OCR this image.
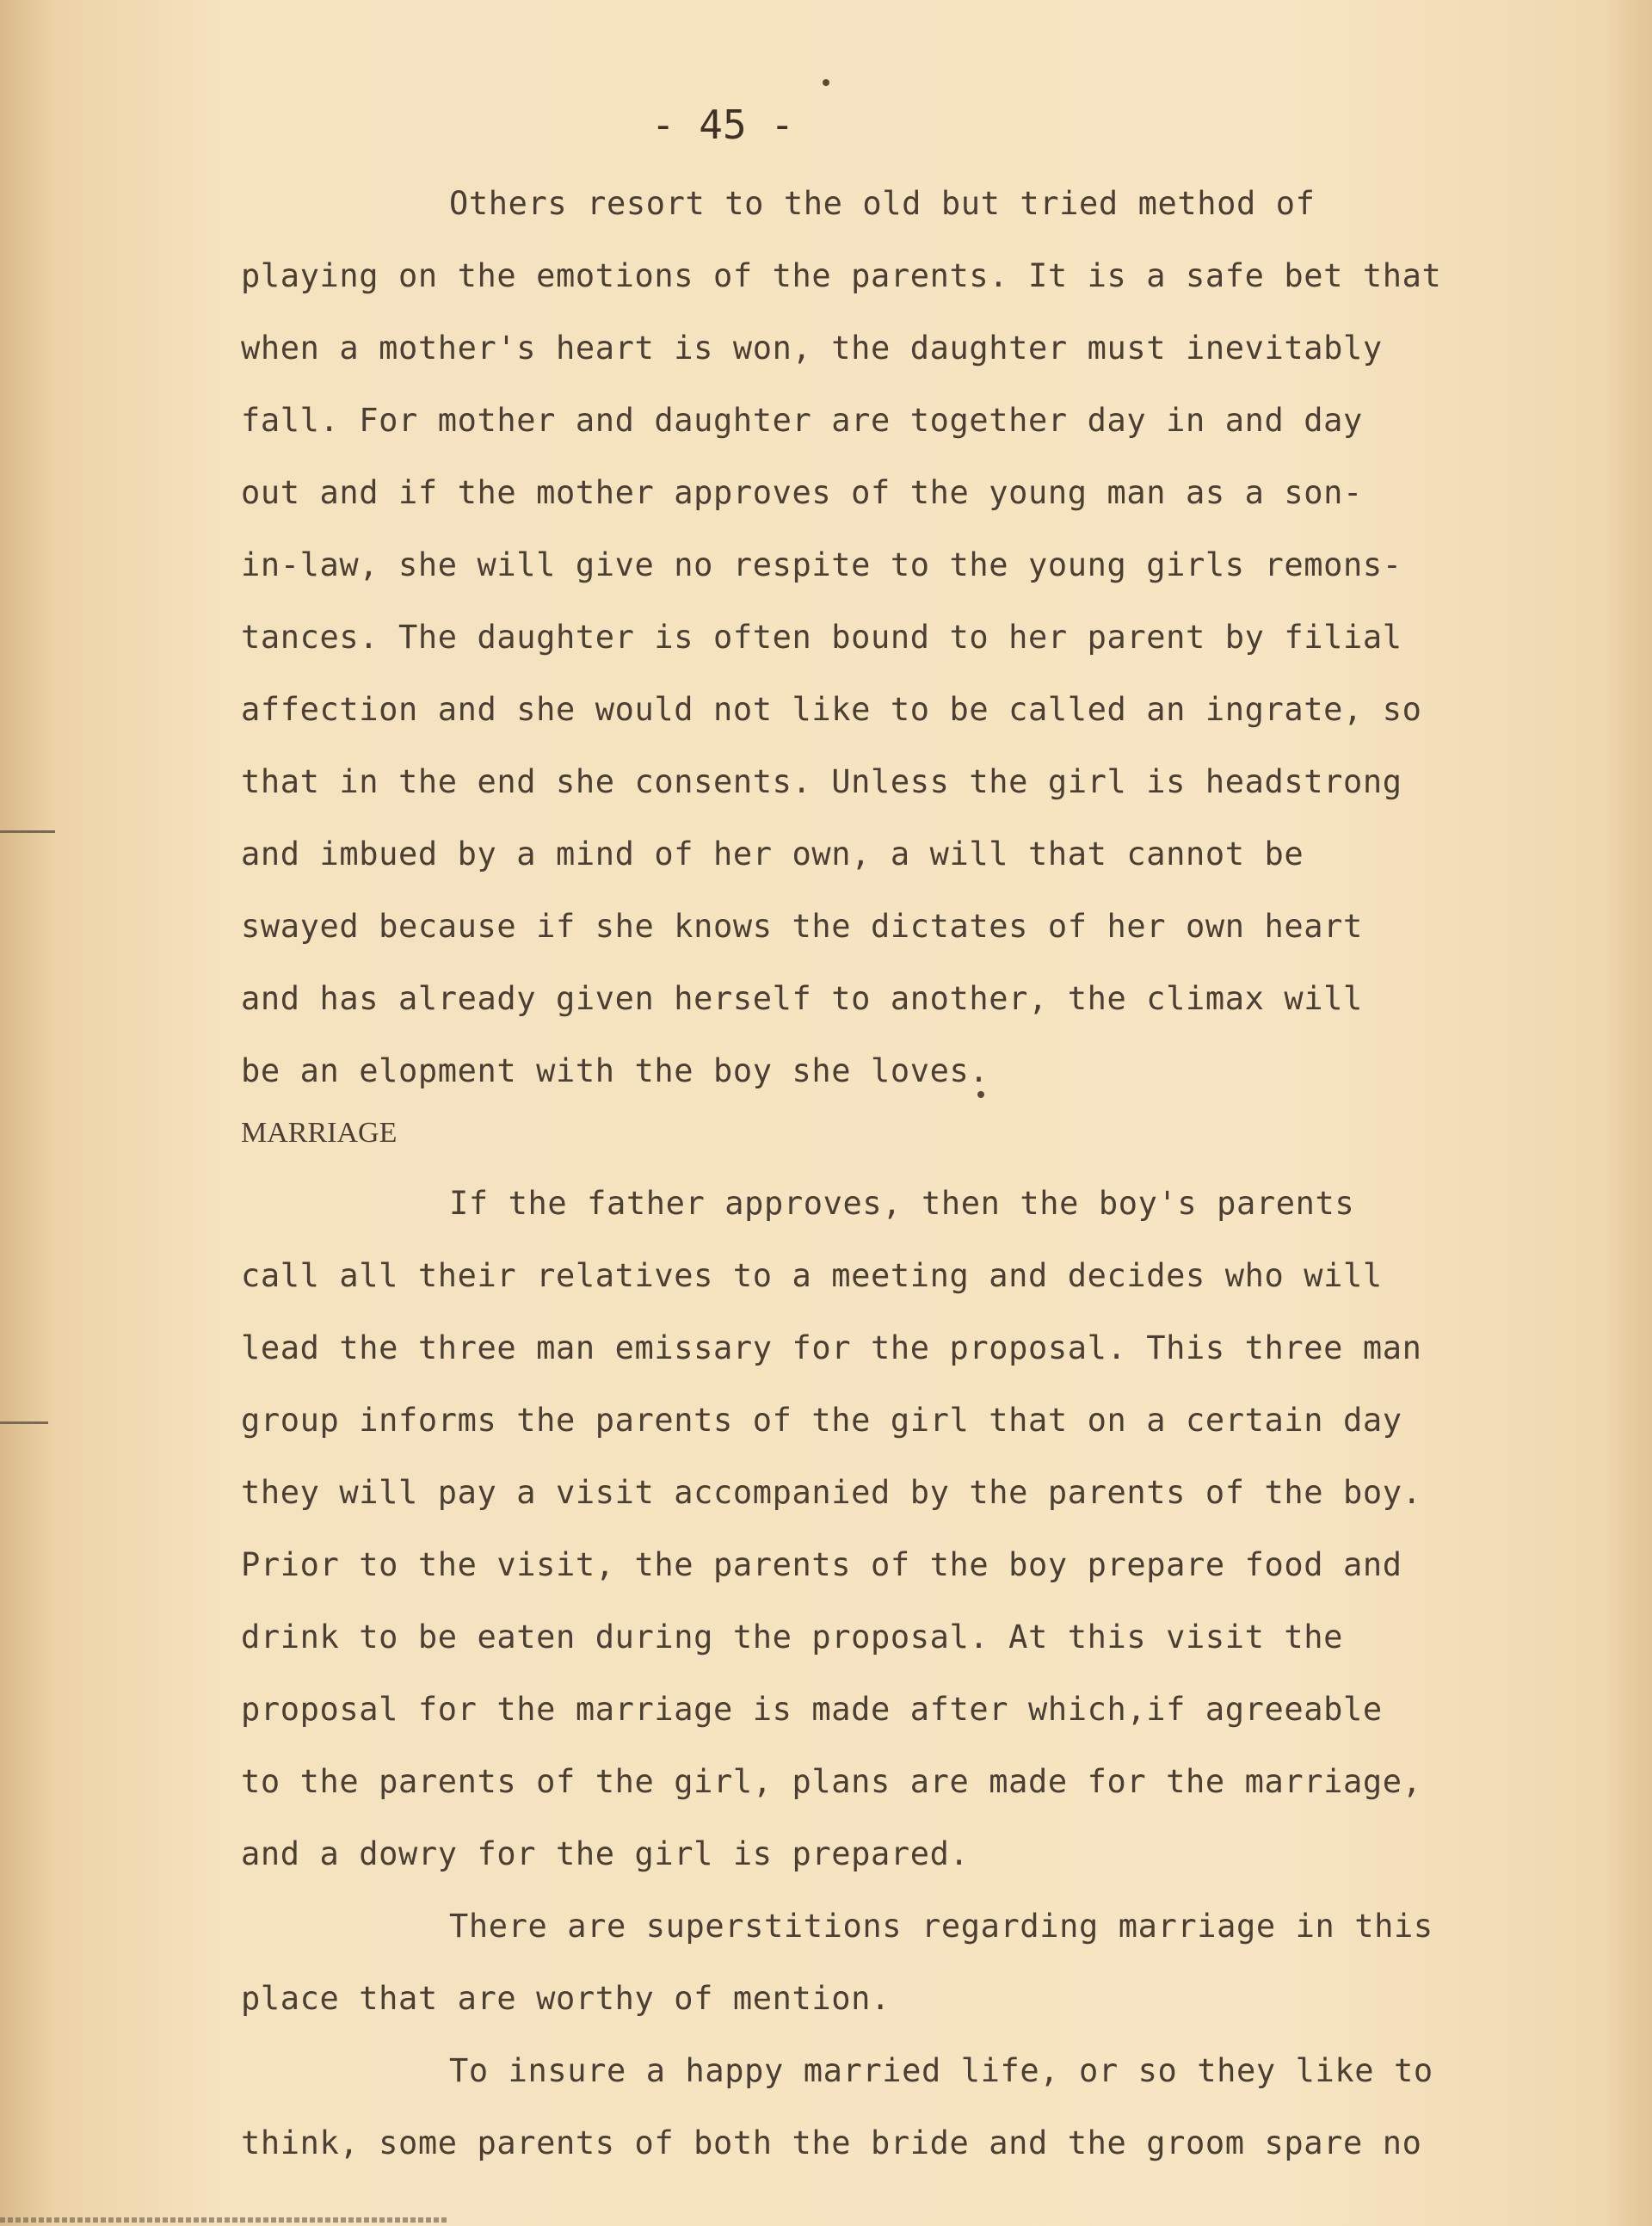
- 45 -
Others resort to the old but tried method of
playing on the emotions of the parents. It is a safe bet that
when a mother's heart is won, the daughter must inevitably
fall. For mother and daughter are together day in and day
out and if the mother approves of the young man as a son-
in-law, she will give no respite to the young girls remons-
tances. The daughter is often bound to her parent by filial
affection and she would not like to be called an ingrate, so
that in the end she consents. Unless the girl is headstrong
and imbued by a mind of her own, a will that cannot be
swayed because if she knows the dictates of her own heart
and has already given herself to another, the climax will
be an elopment with the boy she loves.
MARRIAGE
If the father approves, then the boy's parents
call all their relatives to a meeting and decides who will
lead the three man emissary for the proposal. This three man
group informs the parents of the girl that on a certain day
they will pay a visit accompanied by the parents of the boy.
Prior to the visit, the parents of the boy prepare food and
drink to be eaten during the proposal. At this visit the
proposal for the marriage is made after which,if agreeable
to the parents of the girl, plans are made for the marriage,
and a dowry for the girl is prepared.
There are superstitions regarding marriage in this
place that are worthy of mention.
To insure a happy married life, or so they like to
think, some parents of both the bride and the groom spare no
